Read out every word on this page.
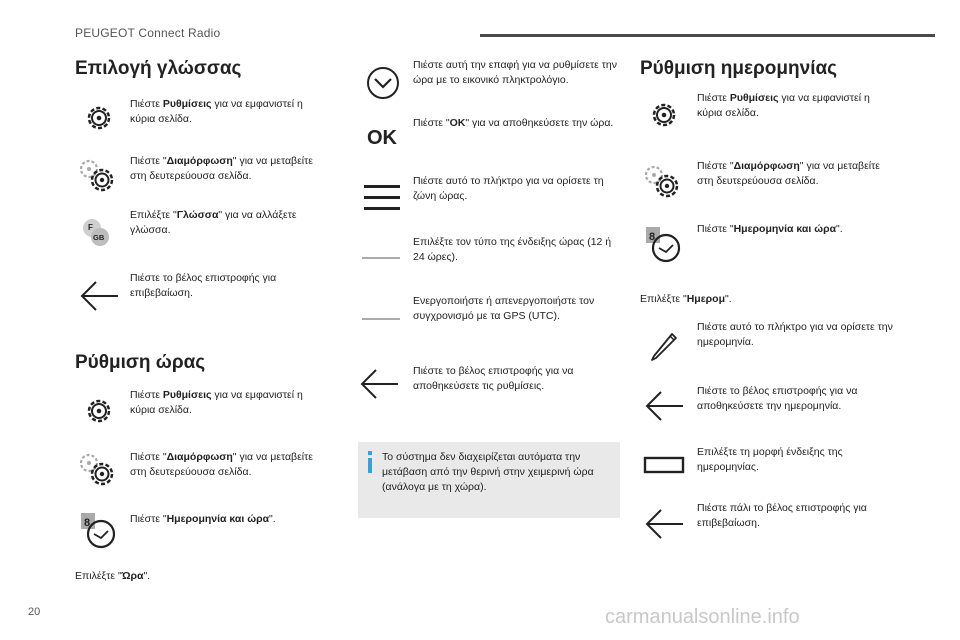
PEUGEOT Connect Radio
Επιλογή γλώσσας
Πιέστε Ρυθμίσεις για να εμφανιστεί η κύρια σελίδα.
Πιέστε "Διαμόρφωση" για να μεταβείτε στη δευτερεύουσα σελίδα.
F
GB
Επιλέξτε "Γλώσσα" για να αλλάξετε γλώσσα.
Πιέστε το βέλος επιστροφής για επιβεβαίωση.
Ρύθμιση ώρας
Πιέστε Ρυθμίσεις για να εμφανιστεί η κύρια σελίδα.
Πιέστε "Διαμόρφωση" για να μεταβείτε στη δευτερεύουσα σελίδα.
8	Πιέστε "Ημερομηνία και ώρα".
Επιλέξτε "Ώρα".
Πιέστε αυτή την επαφή για να ρυθμίσετε την ώρα με το εικονικό πληκτρολόγιο.
OK
Πιέστε "OK" για να αποθηκεύσετε την ώρα.
Πιέστε αυτό το πλήκτρο για να ορίσετε τη ζώνη ώρας.
Επιλέξτε τον τύπο της ένδειξης ώρας (12 ή 24 ώρες).
Ενεργοποιήστε ή απενεργοποιήστε τον συγχρονισμό με τα GPS (UTC).
Πιέστε το βέλος επιστροφής για να αποθηκεύσετε τις ρυθμίσεις.
Το σύστημα δεν διαχειρίζεται αυτόματα την μετάβαση από την θερινή στην χειμερινή ώρα (ανάλογα με τη χώρα).
Ρύθμιση ημερομηνίας
Πιέστε Ρυθμίσεις για να εμφανιστεί η κύρια σελίδα.
Πιέστε "Διαμόρφωση" για να μεταβείτε στη δευτερεύουσα σελίδα.
8
Πιέστε "Ημερομηνία και ώρα".
Επιλέξτε "Ημερομ".
Πιέστε αυτό το πλήκτρο για να ορίσετε την ημερομηνία.
Πιέστε το βέλος επιστροφής για να αποθηκεύσετε την ημερομηνία.
Επιλέξτε τη μορφή ένδειξης της ημερομηνίας.
Πιέστε πάλι το βέλος επιστροφής για επιβεβαίωση.
20	carmanualsonline.info
